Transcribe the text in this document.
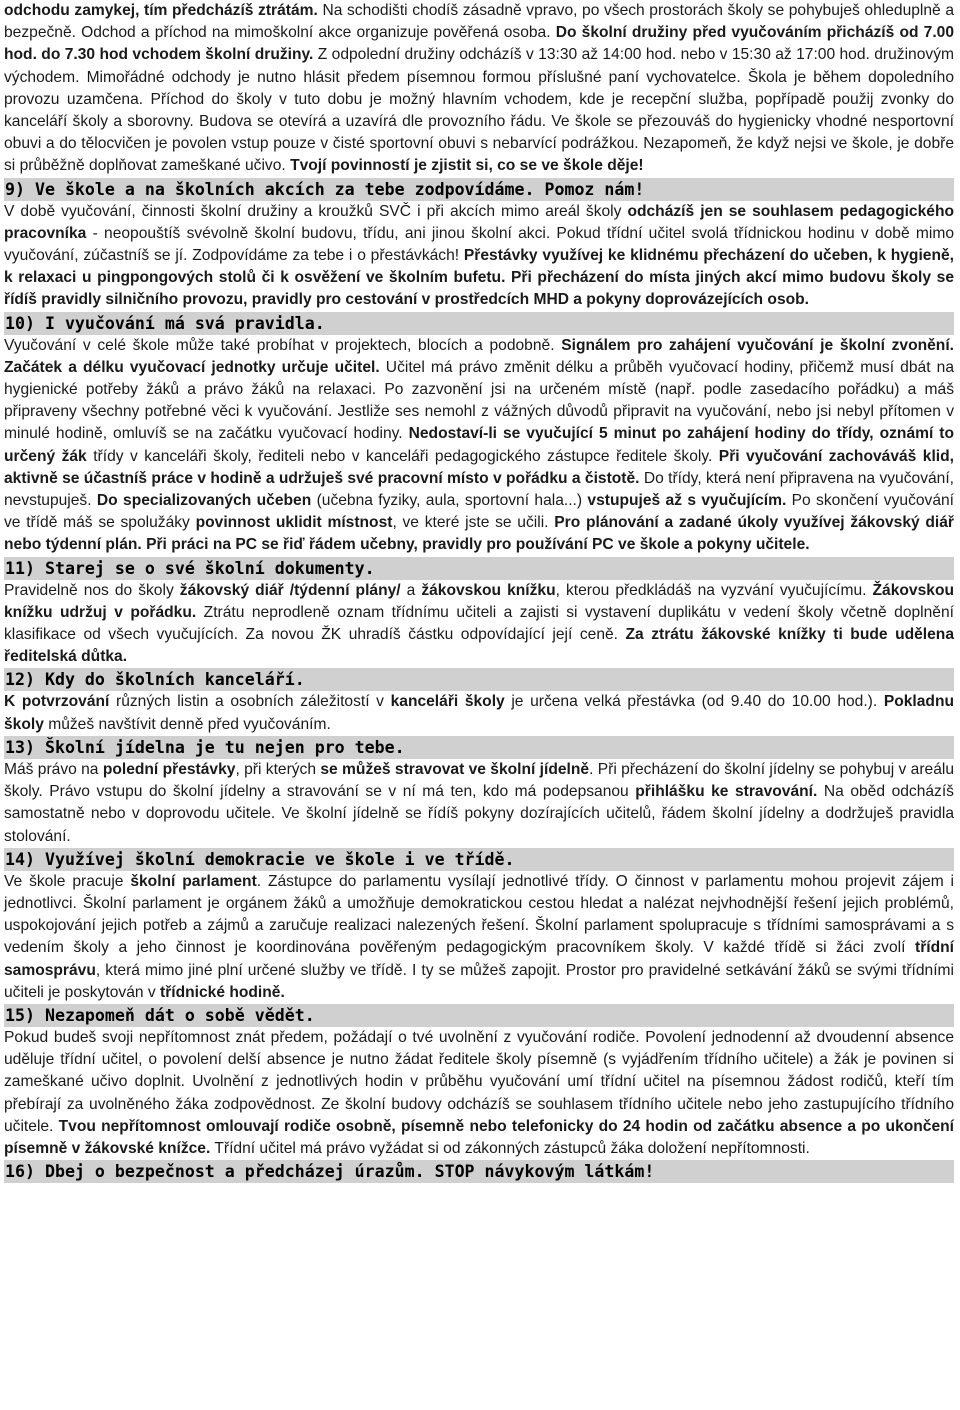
odchodu zamykej, tím předcházíš ztrátám. Na schodišti chodíš zásadně vpravo, po všech prostorách školy se pohybuješ ohleduplně a bezpečně. Odchod a příchod na mimoškolní akce organizuje pověřená osoba. Do školní družiny před vyučováním přicházíš od 7.00 hod. do 7.30 hod vchodem školní družiny. Z odpolední družiny odcházíš v 13:30 až 14:00 hod. nebo v 15:30 až 17:00 hod. družinovým východem. Mimořádné odchody je nutno hlásit předem písemnou formou příslušné paní vychovatelce. Škola je během dopoledního provozu uzamčena. Příchod do školy v tuto dobu je možný hlavním vchodem, kde je recepční služba, popřípadě použij zvonky do kanceláří školy a sborovny. Budova se otevírá a uzavírá dle provozního řádu. Ve škole se přezouváš do hygienicky vhodné nesportovní obuvi a do tělocvičen je povolen vstup pouze v čisté sportovní obuvi s nebarvící podrážkou. Nezapomeň, že když nejsi ve škole, je dobře si průběžně doplňovat zameškané učivo. Tvojí povinností je zjistit si, co se ve škole děje!

9) Ve škole a na školních akcích za tebe zodpovídáme. Pomoz nám!

V době vyučování, činnosti školní družiny a kroužků SVČ i při akcích mimo areál školy odcházíš jen se souhlasem pedagogického pracovníka - neopouštíš svévolně školní budovu, třídu, ani jinou školní akci. Pokud třídní učitel svolá třídnickou hodinu v době mimo vyučování, zúčastníš se jí. Zodpovídáme za tebe i o přestávkách! Přestávky využívej ke klidnému přecházení do učeben, k hygieně, k relaxaci u pingpongových stolů či k osvěžení ve školním bufetu. Při přecházení do místa jiných akcí mimo budovu školy se řídíš pravidly silničního provozu, pravidly pro cestování v prostředcích MHD a pokyny doprovázejících osob.

10) I vyučování má svá pravidla.

Vyučování v celé škole může také probíhat v projektech, blocích a podobně. Signálem pro zahájení vyučování je školní zvonění. Začátek a délku vyučovací jednotky určuje učitel. Učitel má právo změnit délku a průběh vyučovací hodiny, přičemž musí dbát na hygienické potřeby žáků a právo žáků na relaxaci. Po zazvonění jsi na určeném místě (např. podle zasedacího pořádku) a máš připraveny všechny potřebné věci k vyučování. Jestliže ses nemohl z vážných důvodů připravit na vyučování, nebo jsi nebyl přítomen v minulé hodině, omluvíš se na začátku vyučovací hodiny. Nedostaví-li se vyučující 5 minut po zahájení hodiny do třídy, oznámí to určený žák třídy v kanceláři školy, řediteli nebo v kanceláři pedagogického zástupce ředitele školy. Při vyučování zachováváš klid, aktivně se účastníš práce v hodině a udržuješ své pracovní místo v pořádku a čistotě. Do třídy, která není připravena na vyučování, nevstupuješ. Do specializovaných učeben (učebna fyziky, aula, sportovní hala...) vstupuješ až s vyučujícím. Po skončení vyučování ve třídě máš se spolužáky povinnost uklidit místnost, ve které jste se učili. Pro plánování a zadané úkoly využívej žákovský diář nebo týdenní plán. Při práci na PC se řiď řádem učebny, pravidly pro používání PC ve škole a pokyny učitele.

11) Starej se o své školní dokumenty.

Pravidelně nos do školy žákovský diář /týdenní plány/ a žákovskou knížku, kterou předkládáš na vyzvání vyučujícímu. Žákovskou knížku udržuj v pořádku. Ztrátu neprodleně oznam třídnímu učiteli a zajisti si vystavení duplikátu v vedení školy včetně doplnění klasifikace od všech vyučujících. Za novou ŽK uhradíš částku odpovídající její ceně. Za ztrátu žákovské knížky ti bude udělena ředitelská důtka.

12) Kdy do školních kanceláří.

K potvrzování různých listin a osobních záležitostí v kanceláři školy je určena velká přestávka (od 9.40 do 10.00 hod.). Pokladnu školy můžeš navštívit denně před vyučováním.

13) Školní jídelna je tu nejen pro tebe.

Máš právo na polední přestávky, při kterých se můžeš stravovat ve školní jídelně. Při přecházení do školní jídelny se pohybuj v areálu školy. Právo vstupu do školní jídelny a stravování se v ní má ten, kdo má podepsanou přihlášku ke stravování. Na oběd odcházíš samostatně nebo v doprovodu učitele. Ve školní jídelně se řídíš pokyny dozírajících učitelů, řádem školní jídelny a dodržuješ pravidla stolování.

14) Využívej školní demokracie ve škole i ve třídě.

Ve škole pracuje školní parlament. Zástupce do parlamentu vysílají jednotlivé třídy. O činnost v parlamentu mohou projevit zájem i jednotlivci. Školní parlament je orgánem žáků a umožňuje demokratickou cestou hledat a nalézat nejvhodnější řešení jejich problémů, uspokojování jejich potřeb a zájmů a zaručuje realizaci nalezených řešení. Školní parlament spolupracuje s třídními samosprávami a s vedením školy a jeho činnost je koordinována pověřeným pedagogickým pracovníkem školy. V každé třídě si žáci zvolí třídní samosprávu, která mimo jiné plní určené služby ve třídě. I ty se můžeš zapojit. Prostor pro pravidelné setkávání žáků se svými třídními učiteli je poskytován v třídnické hodině.

15) Nezapomeň dát o sobě vědět.

Pokud budeš svoji nepřítomnost znát předem, požádají o tvé uvolnění z vyučování rodiče. Povolení jednodenní až dvoudenní absence uděluje třídní učitel, o povolení delší absence je nutno žádat ředitele školy písemně (s vyjádřením třídního učitele) a žák je povinen si zameškané učivo doplnit. Uvolnění z jednotlivých hodin v průběhu vyučování umí třídní učitel na písemnou žádost rodičů, kteří tím přebírají za uvolněného žáka zodpovědnost. Ze školní budovy odcházíš se souhlasem třídního učitele nebo jeho zastupujícího třídního učitele. Tvou nepřítomnost omlouvají rodiče osobně, písemně nebo telefonicky do 24 hodin od začátku absence a po ukončení písemně v žákovské knížce. Třídní učitel má právo vyžádat si od zákonných zástupců žáka doložení nepřítomnosti.

16) Dbej o bezpečnost a předcházej úrazům. STOP návykovým látkám!
